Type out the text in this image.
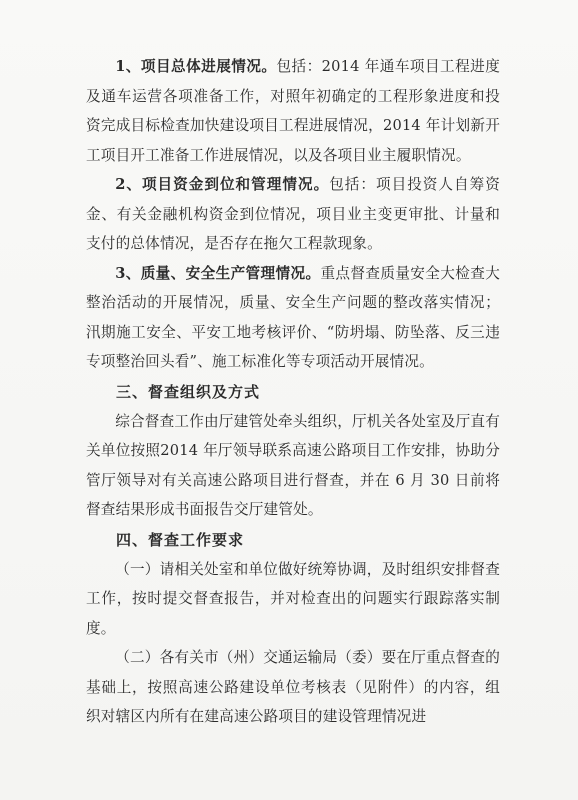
1、项目总体进展情况。包括：2014 年通车项目工程进度及通车运营各项准备工作，对照年初确定的工程形象进度和投资完成目标检查加快建设项目工程进展情况，2014 年计划新开工项目开工准备工作进展情况，以及各项目业主履职情况。

2、项目资金到位和管理情况。包括：项目投资人自筹资金、有关金融机构资金到位情况，项目业主变更审批、计量和支付的总体情况，是否存在拖欠工程款现象。

3、质量、安全生产管理情况。重点督查质量安全大检查大整治活动的开展情况，质量、安全生产问题的整改落实情况；汛期施工安全、平安工地考核评价、“防坍塌、防坠落、反三违专项整治回头看”、施工标准化等专项活动开展情况。

三、督查组织及方式

综合督查工作由厅建管处牵头组织，厅机关各处室及厅直有关单位按照2014 年厅领导联系高速公路项目工作安排，协助分管厅领导对有关高速公路项目进行督查，并在 6 月 30 日前将督查结果形成书面报告交厅建管处。

四、督查工作要求

（一）请相关处室和单位做好统筹协调，及时组织安排督查工作，按时提交督查报告，并对检查出的问题实行跟踪落实制度。

（二）各有关市（州）交通运输局（委）要在厅重点督查的基础上，按照高速公路建设单位考核表（见附件）的内容，组织对辖区内所有在建高速公路项目的建设管理情况进
